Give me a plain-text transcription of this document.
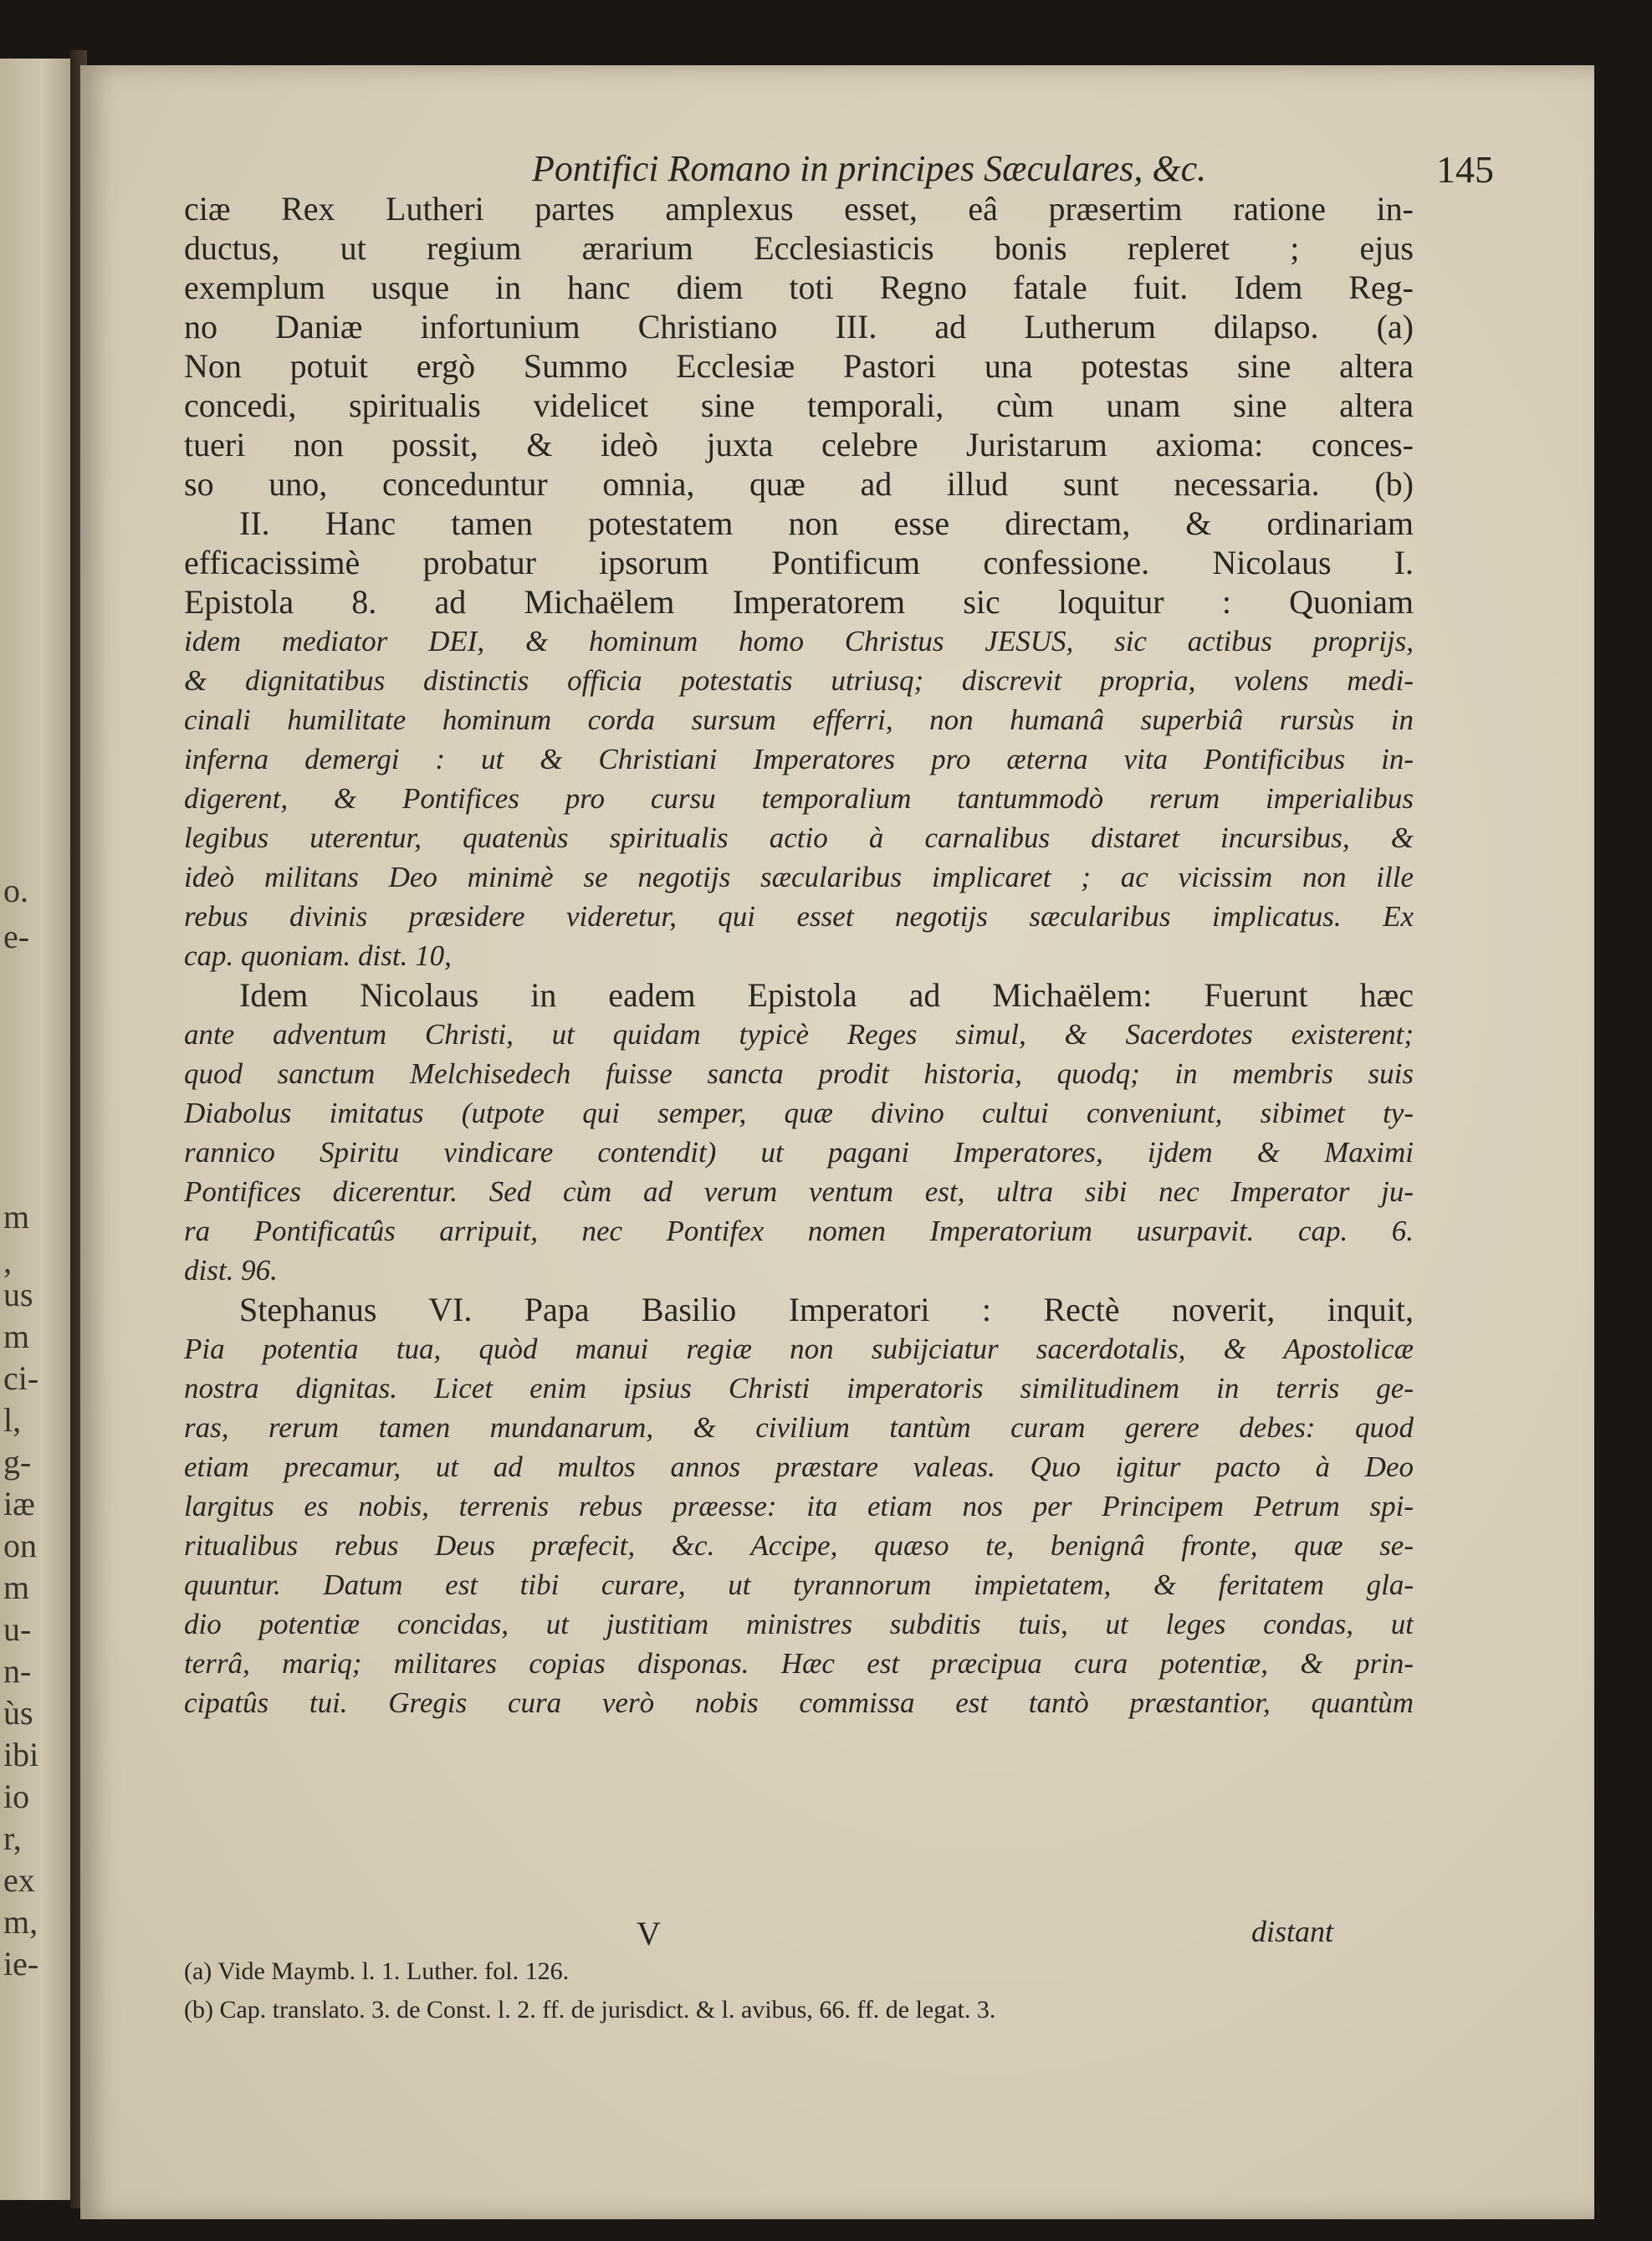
o.
e-
m
,
us
m
ci-
l,
g-
iæ
on
m
u-
n-
ùs
ibi
io
r,
ex
m,
ie-
Pontifici Romano in principes Sæculares, &c.	145
ciæ Rex Lutheri partes amplexus esset, eâ præsertim ratione in-
ductus, ut regium ærarium Ecclesiasticis bonis repleret ; ejus
exemplum usque in hanc diem toti Regno fatale fuit. Idem Reg-
no Daniæ infortunium Christiano III. ad Lutherum dilapso. (a)
Non potuit ergò Summo Ecclesiæ Pastori una potestas sine altera
concedi, spiritualis videlicet sine temporali, cùm unam sine altera
tueri non possit, & ideò juxta celebre Juristarum axioma: conces-
so uno, conceduntur omnia, quæ ad illud sunt necessaria. (b)
II. Hanc tamen potestatem non esse directam, & ordinariam
efficacissimè probatur ipsorum Pontificum confessione. Nicolaus I.
Epistola 8. ad Michaëlem Imperatorem sic loquitur : Quoniam
idem mediator DEI, & hominum homo Christus JESUS, sic actibus proprijs,
& dignitatibus distinctis officia potestatis utriusq; discrevit propria, volens medi-
cinali humilitate hominum corda sursum efferri, non humanâ superbiâ rursùs in
inferna demergi : ut & Christiani Imperatores pro æterna vita Pontificibus in-
digerent, & Pontifices pro cursu temporalium tantummodò rerum imperialibus
legibus uterentur, quatenùs spiritualis actio à carnalibus distaret incursibus, &
ideò militans Deo minimè se negotijs sæcularibus implicaret ; ac vicissim non ille
rebus divinis præsidere videretur, qui esset negotijs sæcularibus implicatus. Ex
cap. quoniam. dist. 10,
Idem Nicolaus in eadem Epistola ad Michaëlem: Fuerunt hæc
ante adventum Christi, ut quidam typicè Reges simul, & Sacerdotes existerent;
quod sanctum Melchisedech fuisse sancta prodit historia, quodq; in membris suis
Diabolus imitatus (utpote qui semper, quæ divino cultui conveniunt, sibimet ty-
rannico Spiritu vindicare contendit) ut pagani Imperatores, ijdem & Maximi
Pontifices dicerentur. Sed cùm ad verum ventum est, ultra sibi nec Imperator ju-
ra Pontificatûs arripuit, nec Pontifex nomen Imperatorium usurpavit. cap. 6.
dist. 96.
Stephanus VI. Papa Basilio Imperatori : Rectè noverit, inquit,
Pia potentia tua, quòd manui regiæ non subijciatur sacerdotalis, & Apostolicæ
nostra dignitas. Licet enim ipsius Christi imperatoris similitudinem in terris ge-
ras, rerum tamen mundanarum, & civilium tantùm curam gerere debes: quod
etiam precamur, ut ad multos annos præstare valeas. Quo igitur pacto à Deo
largitus es nobis, terrenis rebus præesse: ita etiam nos per Principem Petrum spi-
ritualibus rebus Deus præfecit, &c. Accipe, quæso te, benignâ fronte, quæ se-
quuntur. Datum est tibi curare, ut tyrannorum impietatem, & feritatem gla-
dio potentiæ concidas, ut justitiam ministres subditis tuis, ut leges condas, ut
terrâ, mariq; militares copias disponas. Hæc est præcipua cura potentiæ, & prin-
cipatûs tui. Gregis cura verò nobis commissa est tantò præstantior, quantùm
V	distant
(a) Vide Maymb. l. 1. Luther. fol. 126.
(b) Cap. translato. 3. de Const. l. 2. ff. de jurisdict. & l. avibus, 66. ff. de legat. 3.
